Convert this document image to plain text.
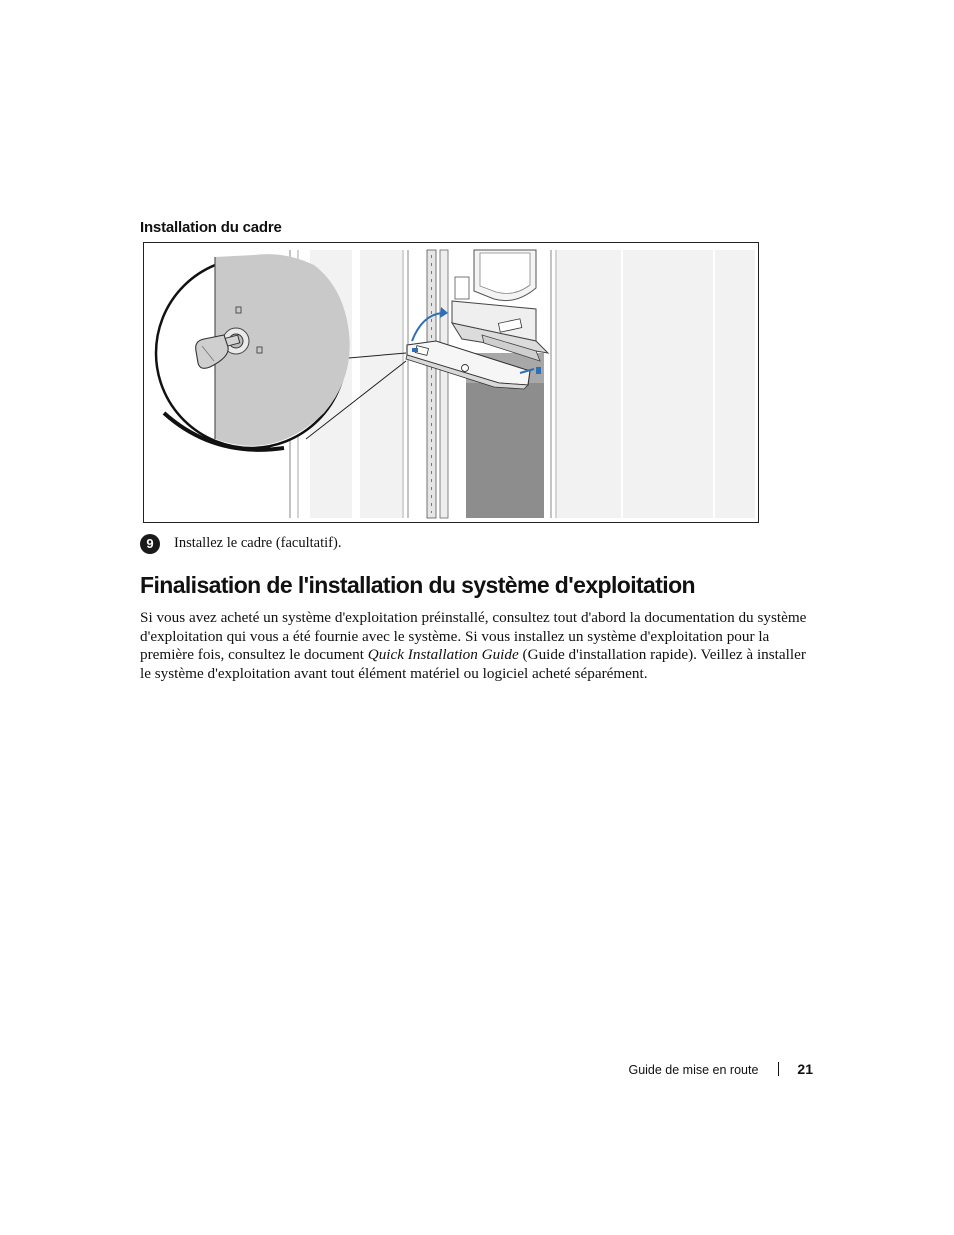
Installation du cadre
9	Installez le cadre (facultatif).
Finalisation de l'installation du système d'exploitation

Si vous avez acheté un système d'exploitation préinstallé, consultez tout d'abord la documentation du système d'exploitation qui vous a été fournie avec le système. Si vous installez un système d'exploitation pour la première fois, consultez le document Quick Installation Guide (Guide d'installation rapide). Veillez à installer le système d'exploitation avant tout élément matériel ou logiciel acheté séparément.

Guide de mise en route	21
